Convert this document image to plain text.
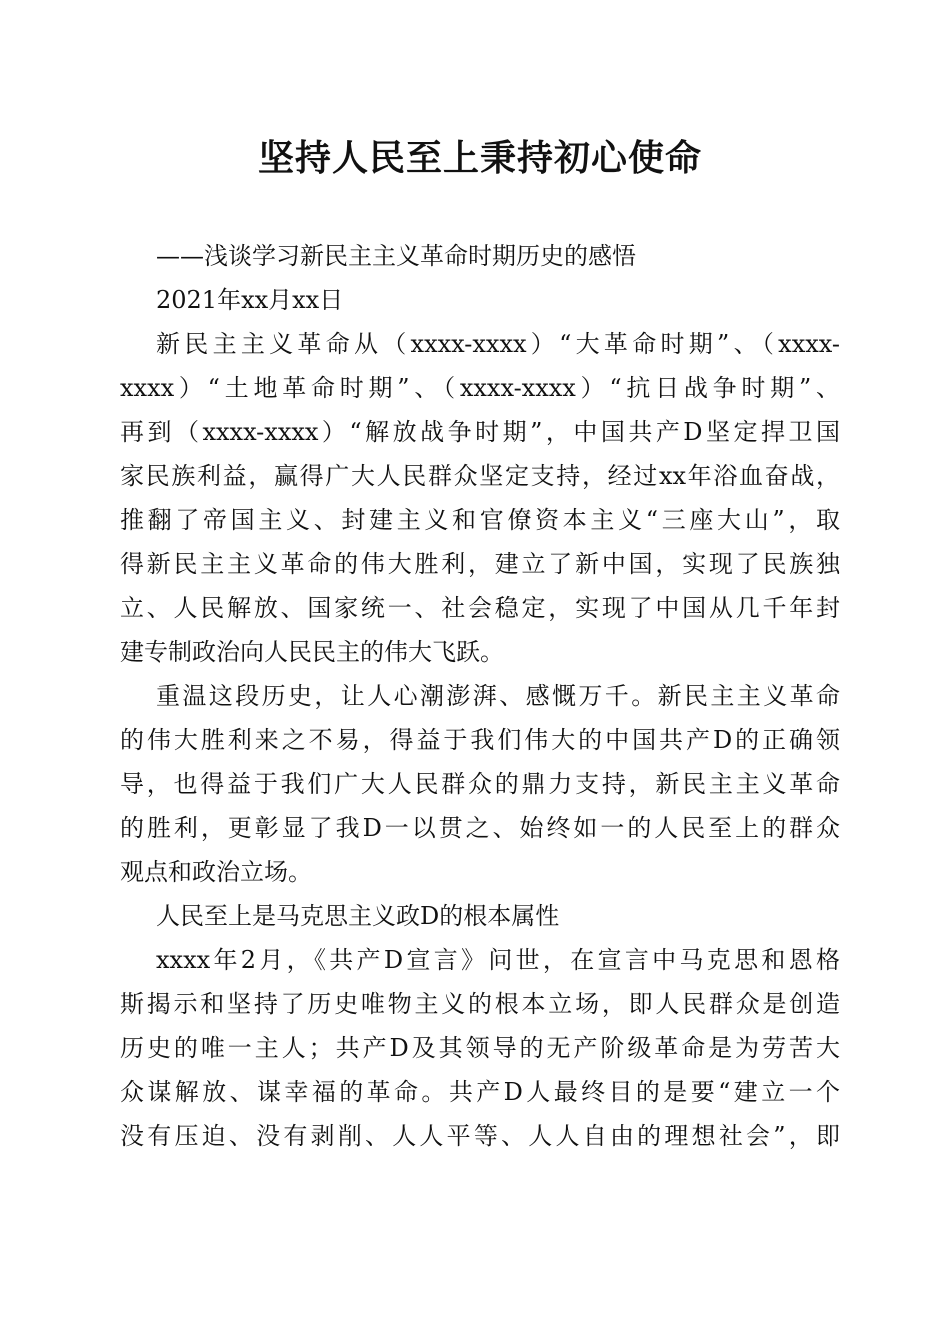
坚持人民至上秉持初心使命

——浅谈学习新民主主义革命时期历史的感悟

2021年xx月xx日

新民主主义革命从（xxxx-xxxx）“大革命时期”、（xxxx-

xxxx）“土地革命时期”、（xxxx-xxxx）“抗日战争时期”、

再到（xxxx-xxxx）“解放战争时期”，中国共产D坚定捍卫国

家民族利益，赢得广大人民群众坚定支持，经过xx年浴血奋战，

推翻了帝国主义、封建主义和官僚资本主义“三座大山”，取

得新民主主义革命的伟大胜利，建立了新中国，实现了民族独

立、人民解放、国家统一、社会稳定，实现了中国从几千年封

建专制政治向人民民主的伟大飞跃。

重温这段历史，让人心潮澎湃、感慨万千。新民主主义革命

的伟大胜利来之不易，得益于我们伟大的中国共产D的正确领

导，也得益于我们广大人民群众的鼎力支持，新民主主义革命

的胜利，更彰显了我D一以贯之、始终如一的人民至上的群众

观点和政治立场。

人民至上是马克思主义政D的根本属性

xxxx年2月，《共产D宣言》问世，在宣言中马克思和恩格

斯揭示和坚持了历史唯物主义的根本立场，即人民群众是创造

历史的唯一主人；共产D及其领导的无产阶级革命是为劳苦大

众谋解放、谋幸福的革命。共产D人最终目的是要“建立一个

没有压迫、没有剥削、人人平等、人人自由的理想社会”，即
